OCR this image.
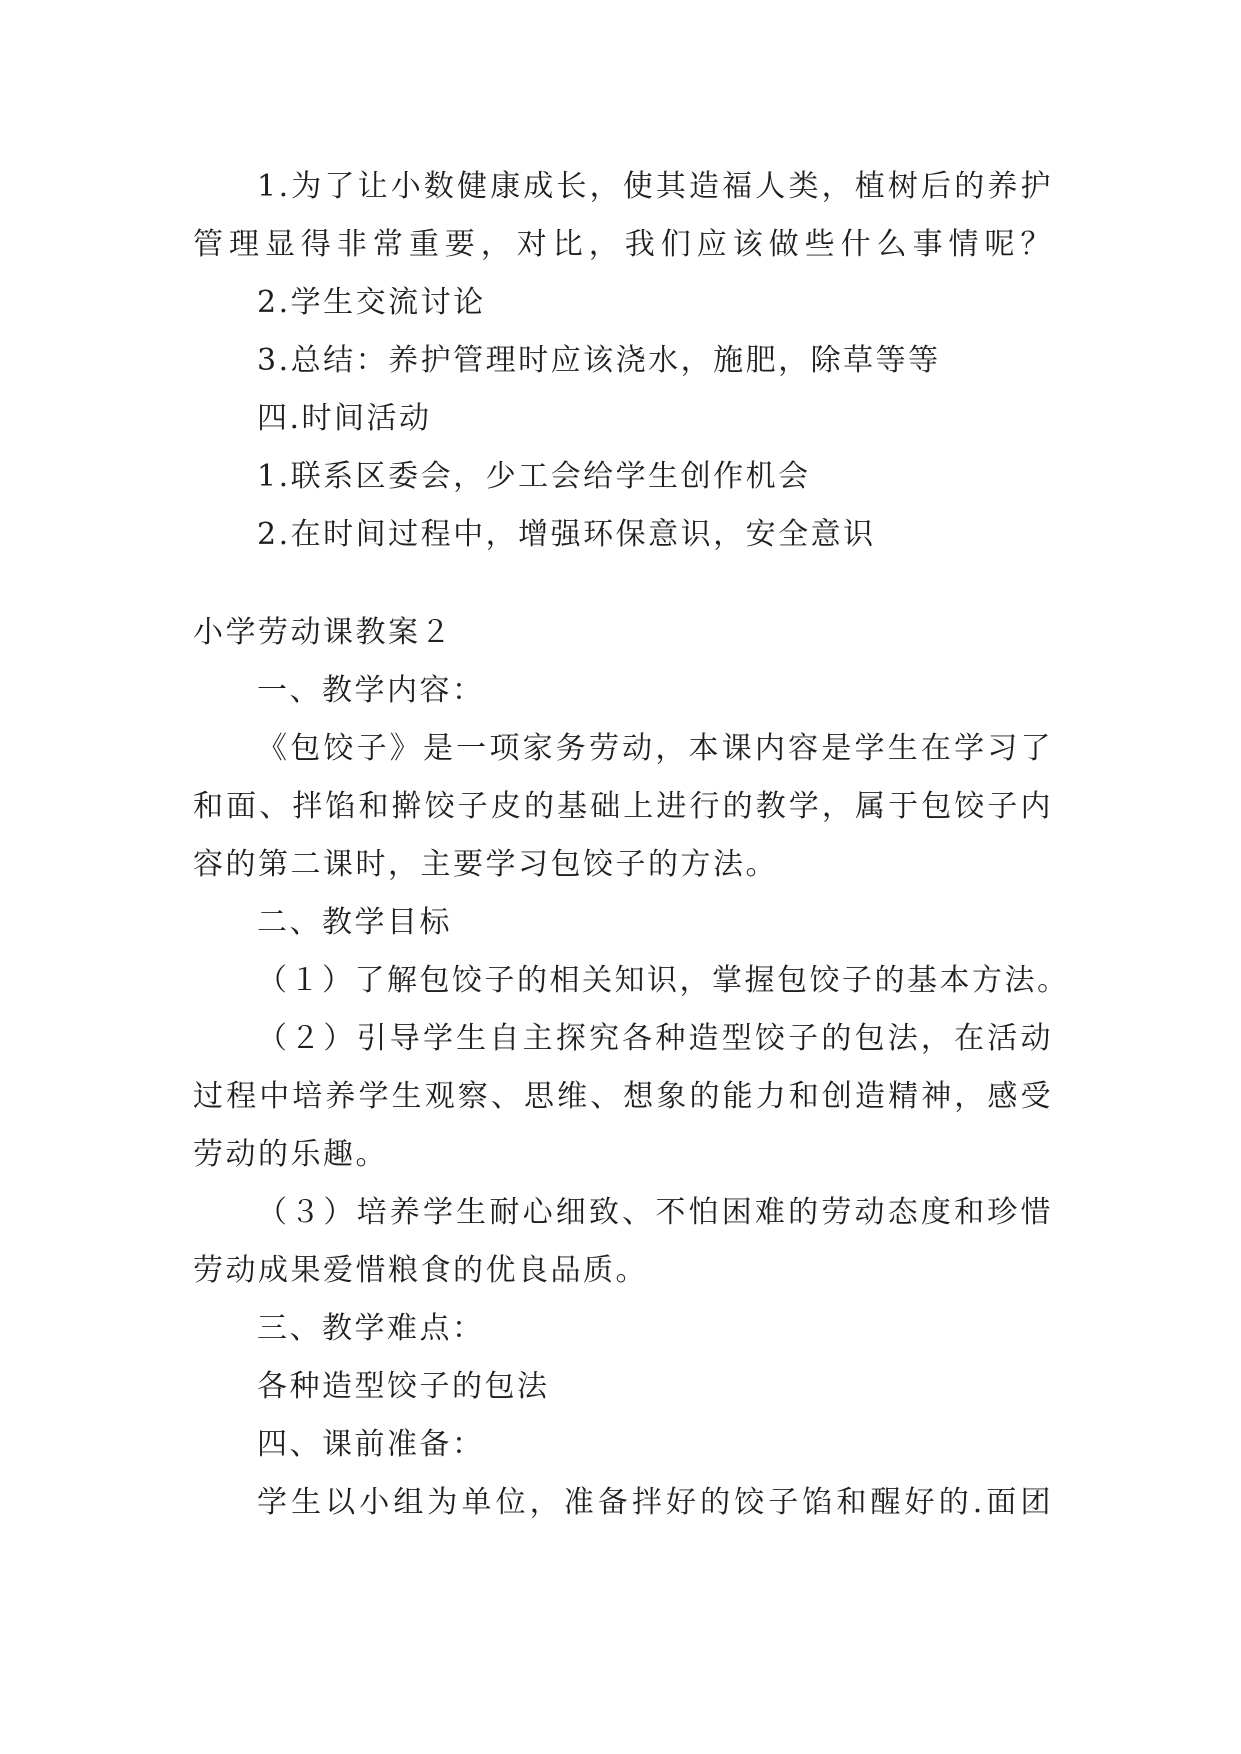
1.为了让小数健康成长，使其造福人类，植树后的养护
管理显得非常重要，对比，我们应该做些什么事情呢？
2.学生交流讨论
3.总结：养护管理时应该浇水，施肥，除草等等
四.时间活动
1.联系区委会，少工会给学生创作机会
2.在时间过程中，增强环保意识，安全意识
小学劳动课教案２
一、教学内容：
《包饺子》是一项家务劳动，本课内容是学生在学习了
和面、拌馅和擀饺子皮的基础上进行的教学，属于包饺子内
容的第二课时，主要学习包饺子的方法。
二、教学目标
（１）了解包饺子的相关知识，掌握包饺子的基本方法。
（２）引导学生自主探究各种造型饺子的包法，在活动
过程中培养学生观察、思维、想象的能力和创造精神，感受
劳动的乐趣。
（３）培养学生耐心细致、不怕困难的劳动态度和珍惜
劳动成果爱惜粮食的优良品质。
三、教学难点：
各种造型饺子的包法
四、课前准备：
学生以小组为单位，准备拌好的饺子馅和醒好的.面团
